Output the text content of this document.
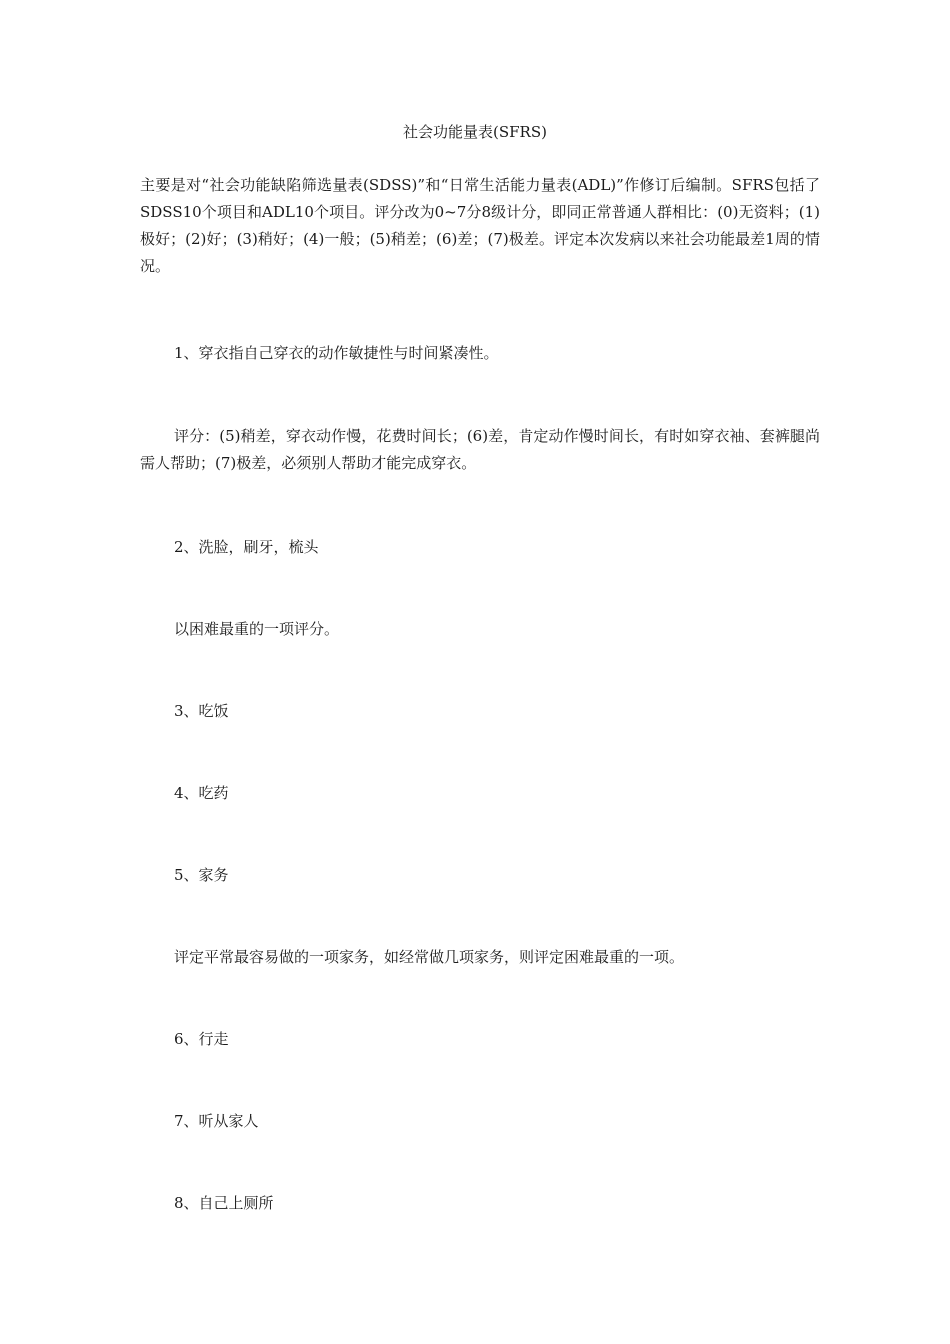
社会功能量表(SFRS)
主要是对“社会功能缺陷筛选量表(SDSS)”和“日常生活能力量表(ADL)”作修订后编制。SFRS包括了SDSS10个项目和ADL10个项目。评分改为0~7分8级计分，即同正常普通人群相比：(0)无资料；(1)极好；(2)好；(3)稍好；(4)一般；(5)稍差；(6)差；(7)极差。评定本次发病以来社会功能最差1周的情况。
1、穿衣指自己穿衣的动作敏捷性与时间紧凑性。
评分：(5)稍差，穿衣动作慢，花费时间长；(6)差，肯定动作慢时间长，有时如穿衣袖、套裤腿尚需人帮助；(7)极差，必须别人帮助才能完成穿衣。
2、洗脸，刷牙，梳头
以困难最重的一项评分。
3、吃饭
4、吃药
5、家务
评定平常最容易做的一项家务，如经常做几项家务，则评定困难最重的一项。
6、行走
7、听从家人
8、自己上厕所
